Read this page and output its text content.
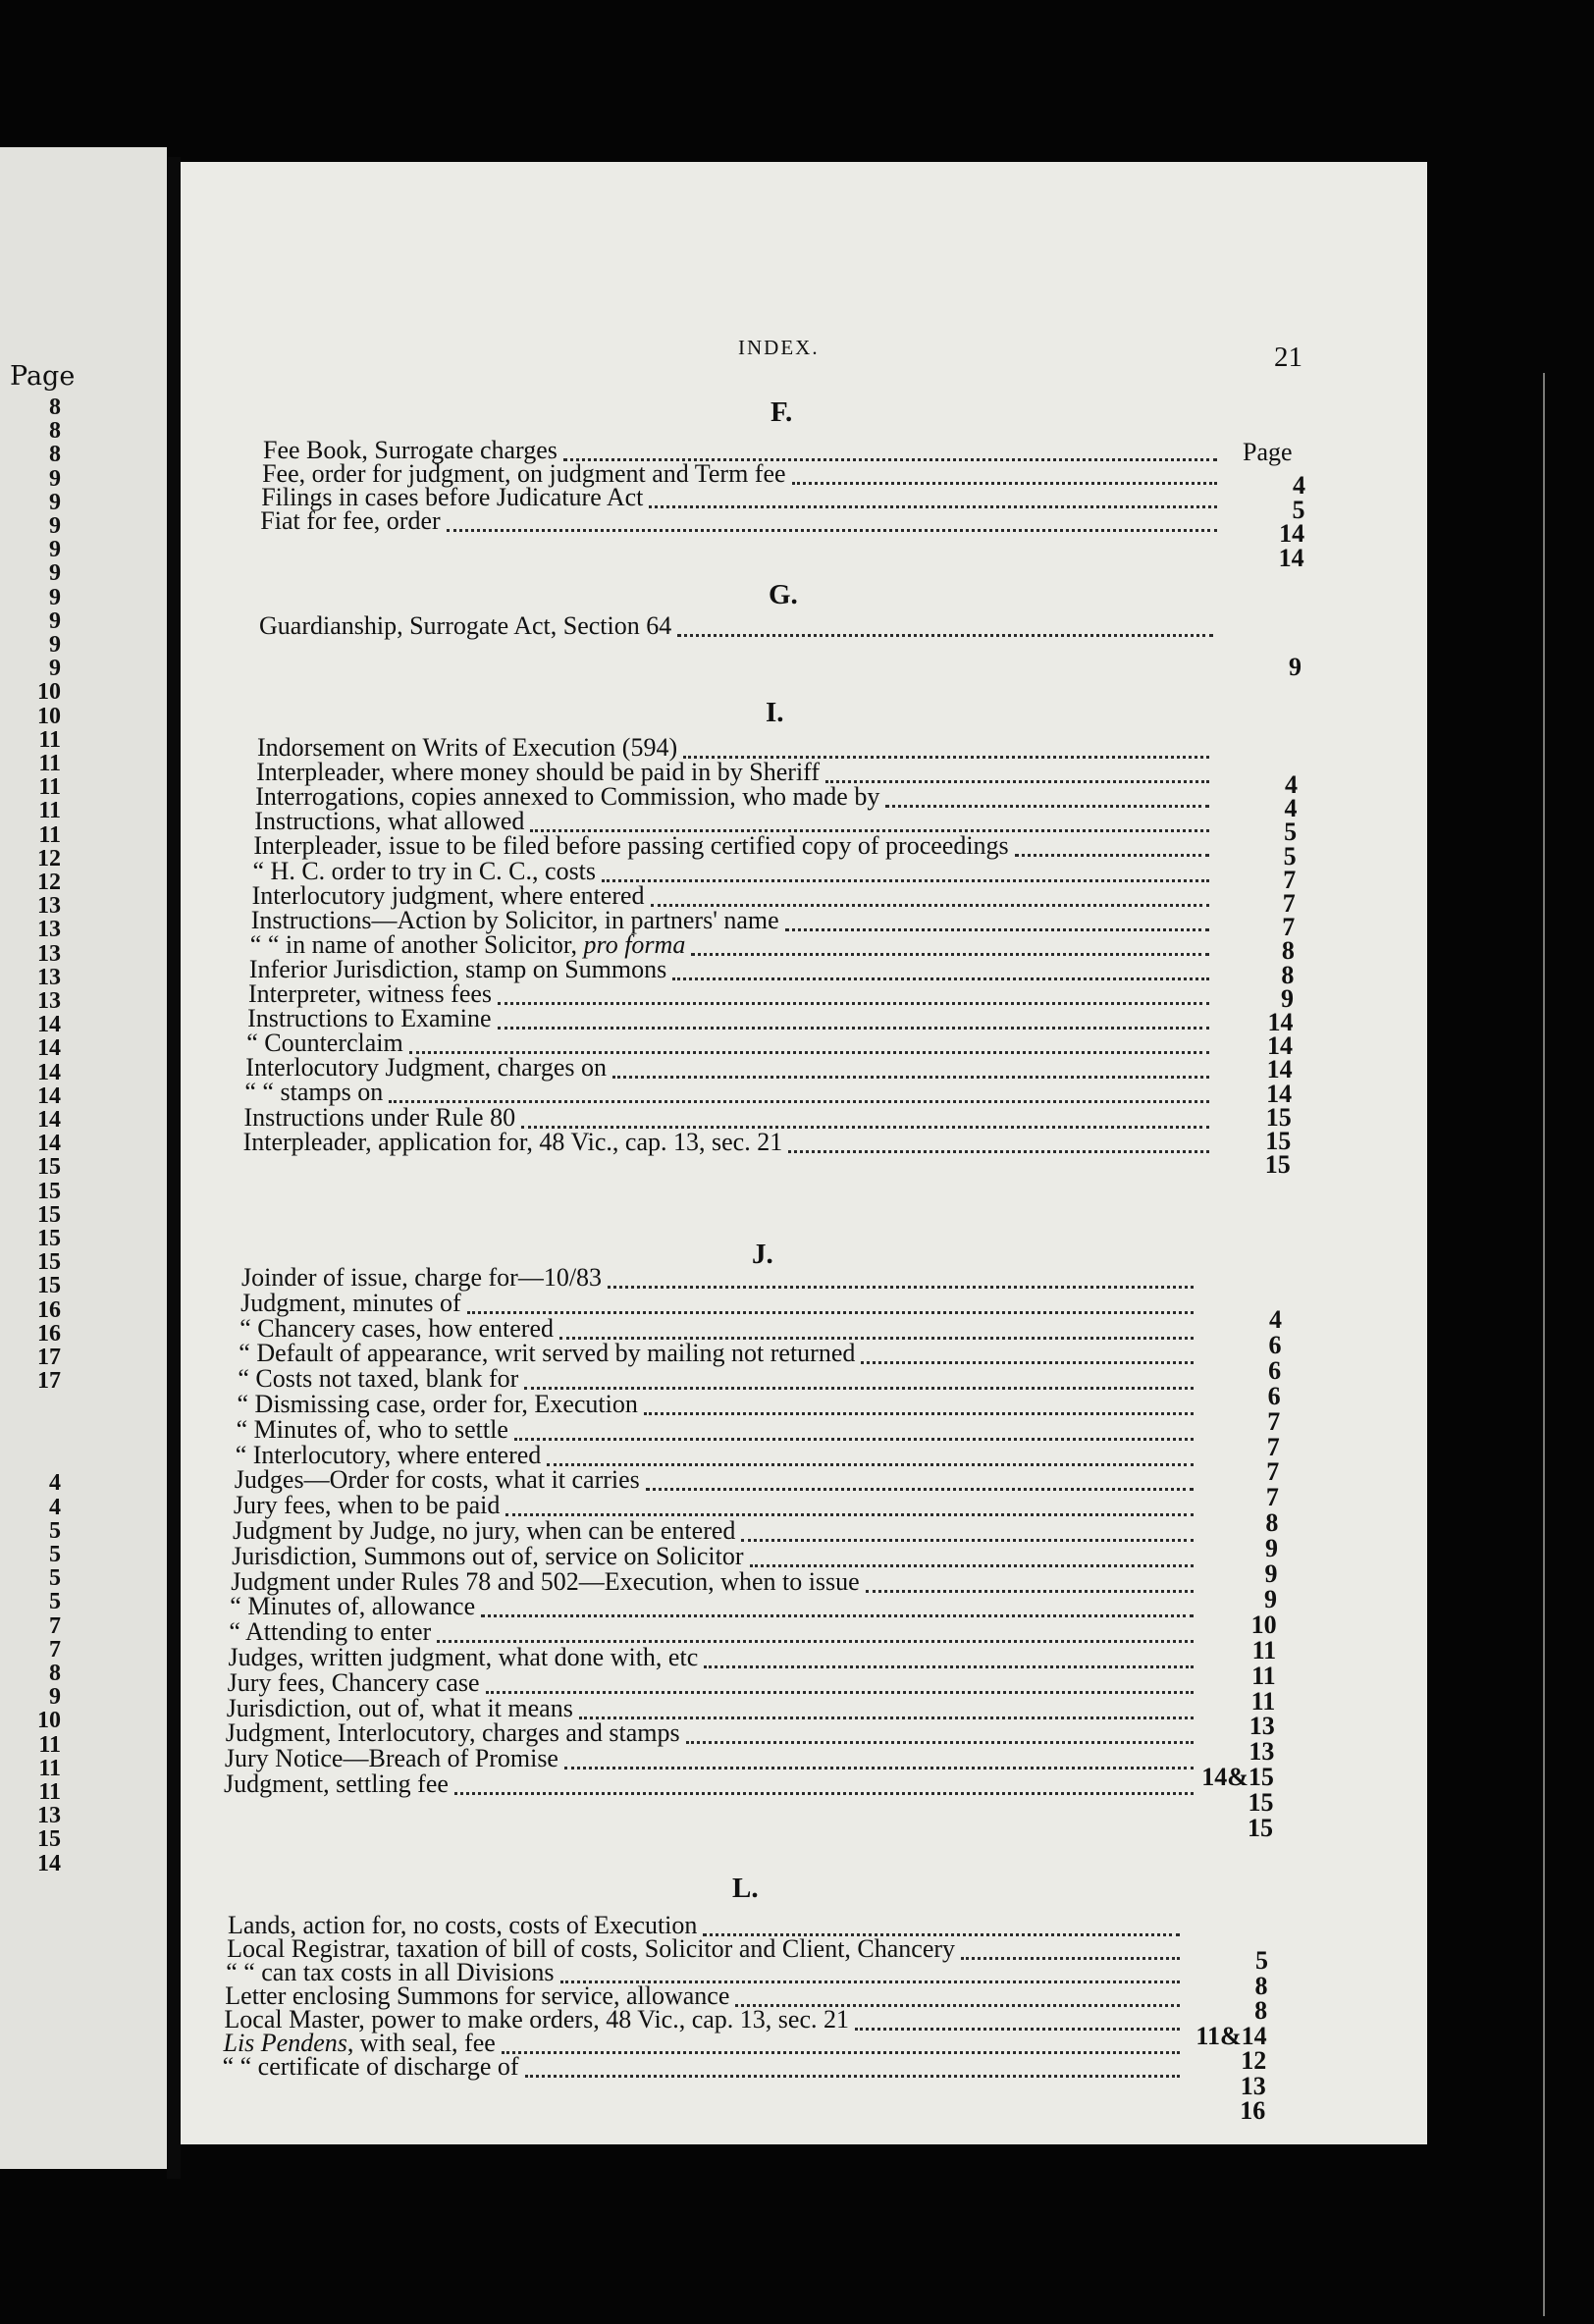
Page
8
8
8
9
9
9
9
9
9
9
9
9
10
10
11
11
11
11
11
12
12
13
13
13
13
13
14
14
14
14
14
14
15
15
15
15
15
15
16
16
17
17
4
4
5
5
5
5
7
7
8
9
10
11
11
11
13
15
14
INDEX.	21
F.
Page
Fee Book, Surrogate charges
Fee, order for judgment, on judgment and Term fee
Filings in cases before Judicature Act
Fiat for fee, order
4
5
14
14
G.
Guardianship, Surrogate Act, Section 64
9
I.
Indorsement on Writs of Execution (594)
Interpleader, where money should be paid in by Sheriff
Interrogations, copies annexed to Commission, who made by
Instructions, what allowed
Interpleader, issue to be filed before passing certified copy of proceedings
“ H. C. order to try in C. C., costs
Interlocutory judgment, where entered
Instructions—Action by Solicitor, in partners' name
“ “ in name of another Solicitor, pro forma
Inferior Jurisdiction, stamp on Summons
Interpreter, witness fees
Instructions to Examine
“ Counterclaim
Interlocutory Judgment, charges on
“ “ stamps on
Instructions under Rule 80
Interpleader, application for, 48 Vic., cap. 13, sec. 21
4
4
5
5
7
7
7
8
8
9
14
14
14
14
15
15
15
J.
Joinder of issue, charge for—10/83
Judgment, minutes of
“ Chancery cases, how entered
“ Default of appearance, writ served by mailing not returned
“ Costs not taxed, blank for
“ Dismissing case, order for, Execution
“ Minutes of, who to settle
“ Interlocutory, where entered
Judges—Order for costs, what it carries
Jury fees, when to be paid
Judgment by Judge, no jury, when can be entered
Jurisdiction, Summons out of, service on Solicitor
Judgment under Rules 78 and 502—Execution, when to issue
“ Minutes of, allowance
“ Attending to enter
Judges, written judgment, what done with, etc
Jury fees, Chancery case
Jurisdiction, out of, what it means
Judgment, Interlocutory, charges and stamps
Jury Notice—Breach of Promise
Judgment, settling fee
4
6
6
6
7
7
7
7
8
9
9
9
10
11
11
11
13
13
14&15
15
15
L.
Lands, action for, no costs, costs of Execution
Local Registrar, taxation of bill of costs, Solicitor and Client, Chancery
“ “ can tax costs in all Divisions
Letter enclosing Summons for service, allowance
Local Master, power to make orders, 48 Vic., cap. 13, sec. 21
Lis Pendens, with seal, fee
“ “ certificate of discharge of
5
8
8
11&14
12
13
16
